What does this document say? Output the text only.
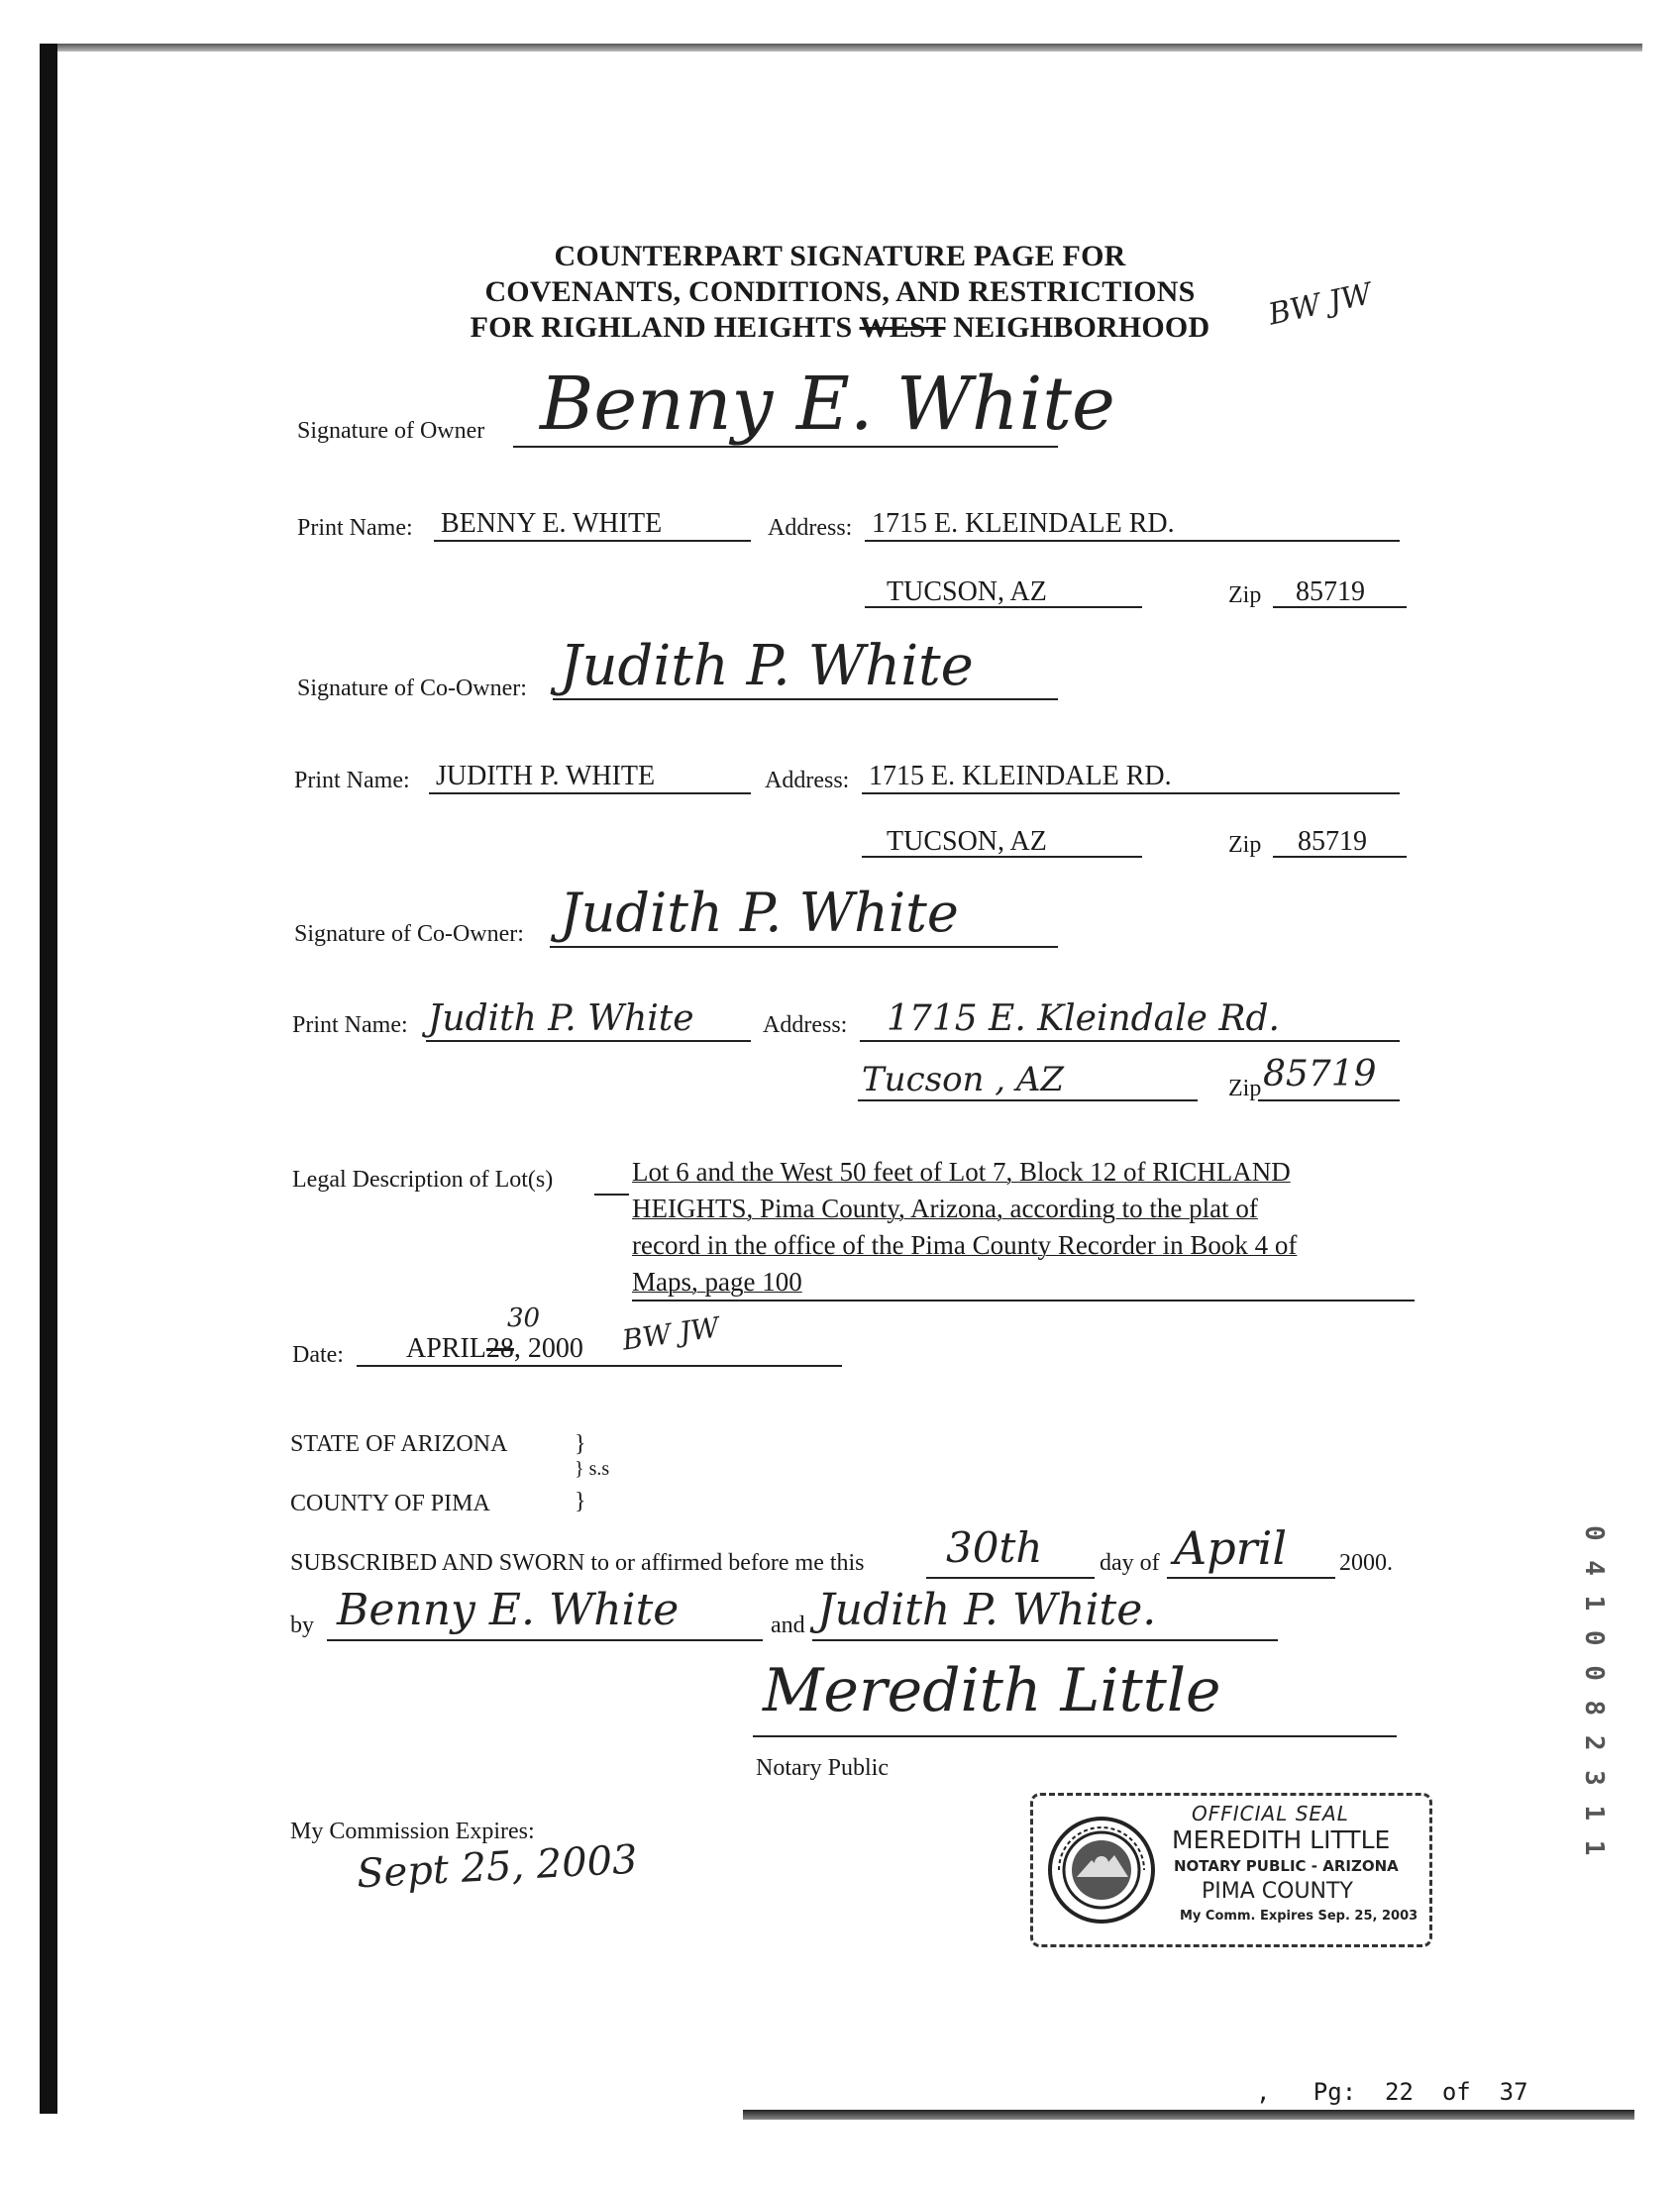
COUNTERPART SIGNATURE PAGE FOR
COVENANTS, CONDITIONS, AND RESTRICTIONS
FOR RIGHLAND HEIGHTS WEST NEIGHBORHOOD	BW JW
Signature of Owner Benny E. White
Print Name: BENNY E. WHITE	Address: 1715 E. KLEINDALE RD.
TUCSON, AZ	Zip 85719
Signature of Co-Owner: Judith P. White
Print Name: JUDITH P. WHITE	Address: 1715 E. KLEINDALE RD.
TUCSON, AZ	Zip 85719
Signature of Co-Owner: Judith P. White
Print Name: Judith P. White	Address: 1715 E. Kleindale Rd.
Tucson , AZ	Zip 85719
Legal Description of Lot(s)	Lot 6 and the West 50 feet of Lot 7, Block 12 of RICHLAND
HEIGHTS, Pima County, Arizona, according to the plat of
record in the office of the Pima County Recorder in Book 4 of
Maps, page 100
Date: APRIL28, 2000
30	BW JW
STATE OF ARIZONA	}
} s.s
COUNTY OF PIMA	}
SUBSCRIBED AND SWORN to or affirmed before me this 30th day of April 2000.
by Benny E. White	and Judith P. White.
Meredith Little
Notary Public
My Commission Expires:
Sept 25, 2003
OFFICIAL SEAL
MEREDITH LITTLE
NOTARY PUBLIC - ARIZONA
PIMA COUNTY
My Comm. Expires Sep. 25, 2003
0 4 1 0 0 8 2 3 1 1
,   Pg:  22  of  37
